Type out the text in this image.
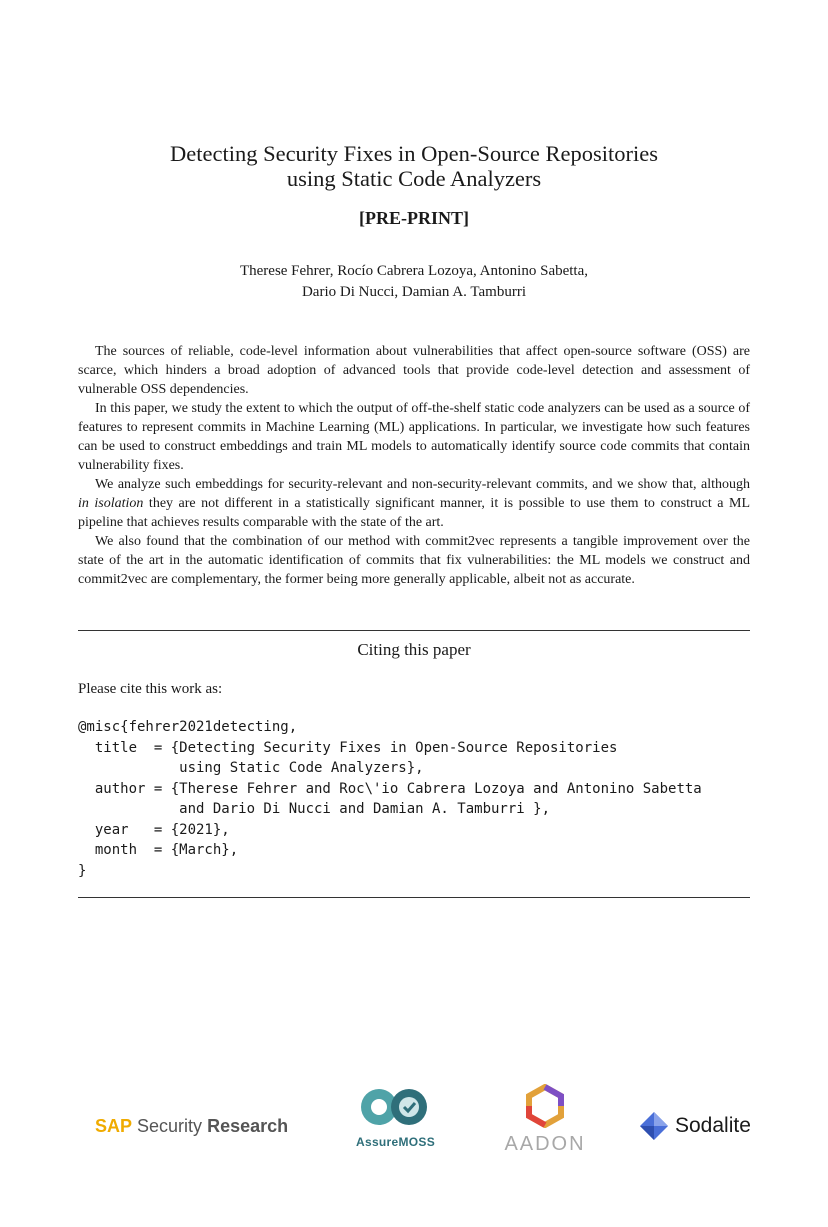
Detecting Security Fixes in Open-Source Repositories
using Static Code Analyzers
[PRE-PRINT]
Therese Fehrer, Rocío Cabrera Lozoya, Antonino Sabetta,
Dario Di Nucci, Damian A. Tamburri

The sources of reliable, code-level information about vulnerabilities that affect open-source software (OSS) are scarce, which hinders a broad adoption of advanced tools that provide code-level detection and assessment of vulnerable OSS dependencies.

In this paper, we study the extent to which the output of off-the-shelf static code analyzers can be used as a source of features to represent commits in Machine Learning (ML) applications. In particular, we investigate how such features can be used to construct embeddings and train ML models to automatically identify source code commits that contain vulnerability fixes.

We analyze such embeddings for security-relevant and non-security-relevant commits, and we show that, although in isolation they are not different in a statistically significant manner, it is possible to use them to construct a ML pipeline that achieves results comparable with the state of the art.

We also found that the combination of our method with commit2vec represents a tangible improvement over the state of the art in the automatic identification of commits that fix vulnerabilities: the ML models we construct and commit2vec are complementary, the former being more generally applicable, albeit not as accurate.

Citing this paper
Please cite this work as:
@misc{fehrer2021detecting,
title  = {Detecting Security Fixes in Open-Source Repositories
using Static Code Analyzers},
author = {Therese Fehrer and Roc\'io Cabrera Lozoya and Antonino Sabetta
and Dario Di Nucci and Damian A. Tamburri },
year   = {2021},
month  = {March},
}
SAP Security Research
AssureMOSS	AADON
Sodalite
